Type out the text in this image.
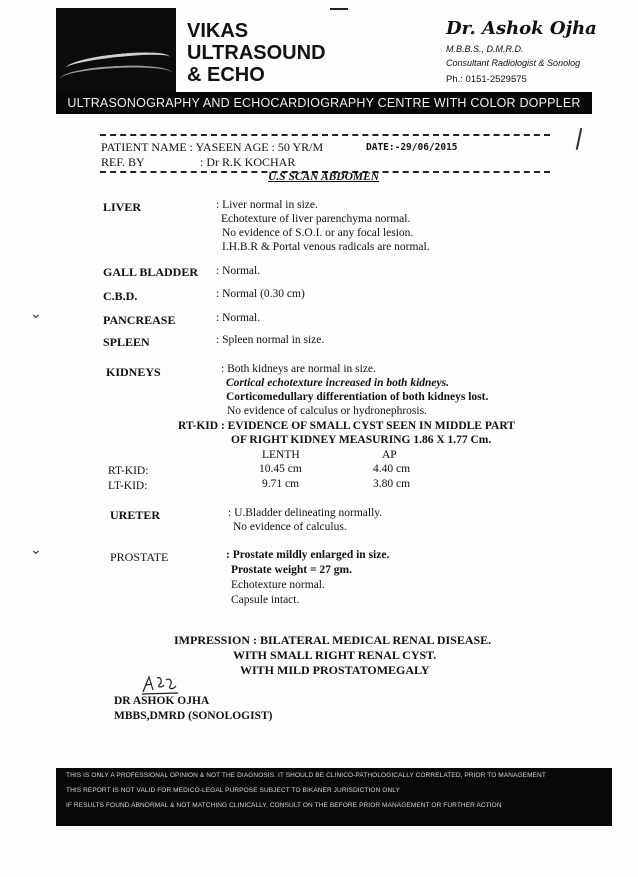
VIKAS
ULTRASOUND
& ECHO
Dr. Ashok Ojha
M.B.B.S., D.M.R.D.
Consultant Radiologist & Sonolog
Ph.: 0151-2529575
ULTRASONOGRAPHY AND ECHOCARDIOGRAPHY CENTRE WITH COLOR DOPPLER
PATIENT NAME : YASEEN AGE : 50 YR/M	DATE:-29/06/2015
REF. BY	: Dr R.K KOCHAR
U.S SCAN ABDOMEN
LIVER	: Liver normal in size.
Echotexture of liver parenchyma normal.
No evidence of S.O.I. or any focal lesion.
I.H.B.R & Portal venous radicals are normal.
GALL BLADDER : Normal.
C.B.D.	: Normal (0.30 cm)
⌄	PANCREASE	: Normal.
SPLEEN	: Spleen normal in size.
KIDNEYS	: Both kidneys are normal in size.
Cortical echotexture increased in both kidneys.
Corticomedullary differentiation of both kidneys lost.
No evidence of calculus or hydronephrosis.
RT-KID : EVIDENCE OF SMALL CYST SEEN IN MIDDLE PART
OF RIGHT KIDNEY MEASURING 1.86 X 1.77 Cm.
LENTH	AP
RT-KID:	10.45 cm	4.40 cm
LT-KID:	9.71 cm	3.80 cm
URETER	: U.Bladder delineating normally.
No evidence of calculus.
⌄	PROSTATE	: Prostate mildly enlarged in size.
Prostate weight = 27 gm.
Echotexture normal.
Capsule intact.
IMPRESSION : BILATERAL MEDICAL RENAL DISEASE.
WITH SMALL RIGHT RENAL CYST.
WITH MILD PROSTATOMEGALY
DR ASHOK OJHA
MBBS,DMRD (SONOLOGIST)
THIS IS ONLY A PROFESSIONAL OPINION & NOT THE DIAGNOSIS. IT SHOULD BE CLINICO-PATHOLOGICALLY CORRELATED, PRIOR TO MANAGEMENT
THIS REPORT IS NOT VALID FOR MEDICO-LEGAL PURPOSE SUBJECT TO BIKANER JURISDICTION ONLY
IF RESULTS FOUND ABNORMAL & NOT MATCHING CLINICALLY, CONSULT ON THE BEFORE PRIOR MANAGEMENT OR FURTHER ACTION
